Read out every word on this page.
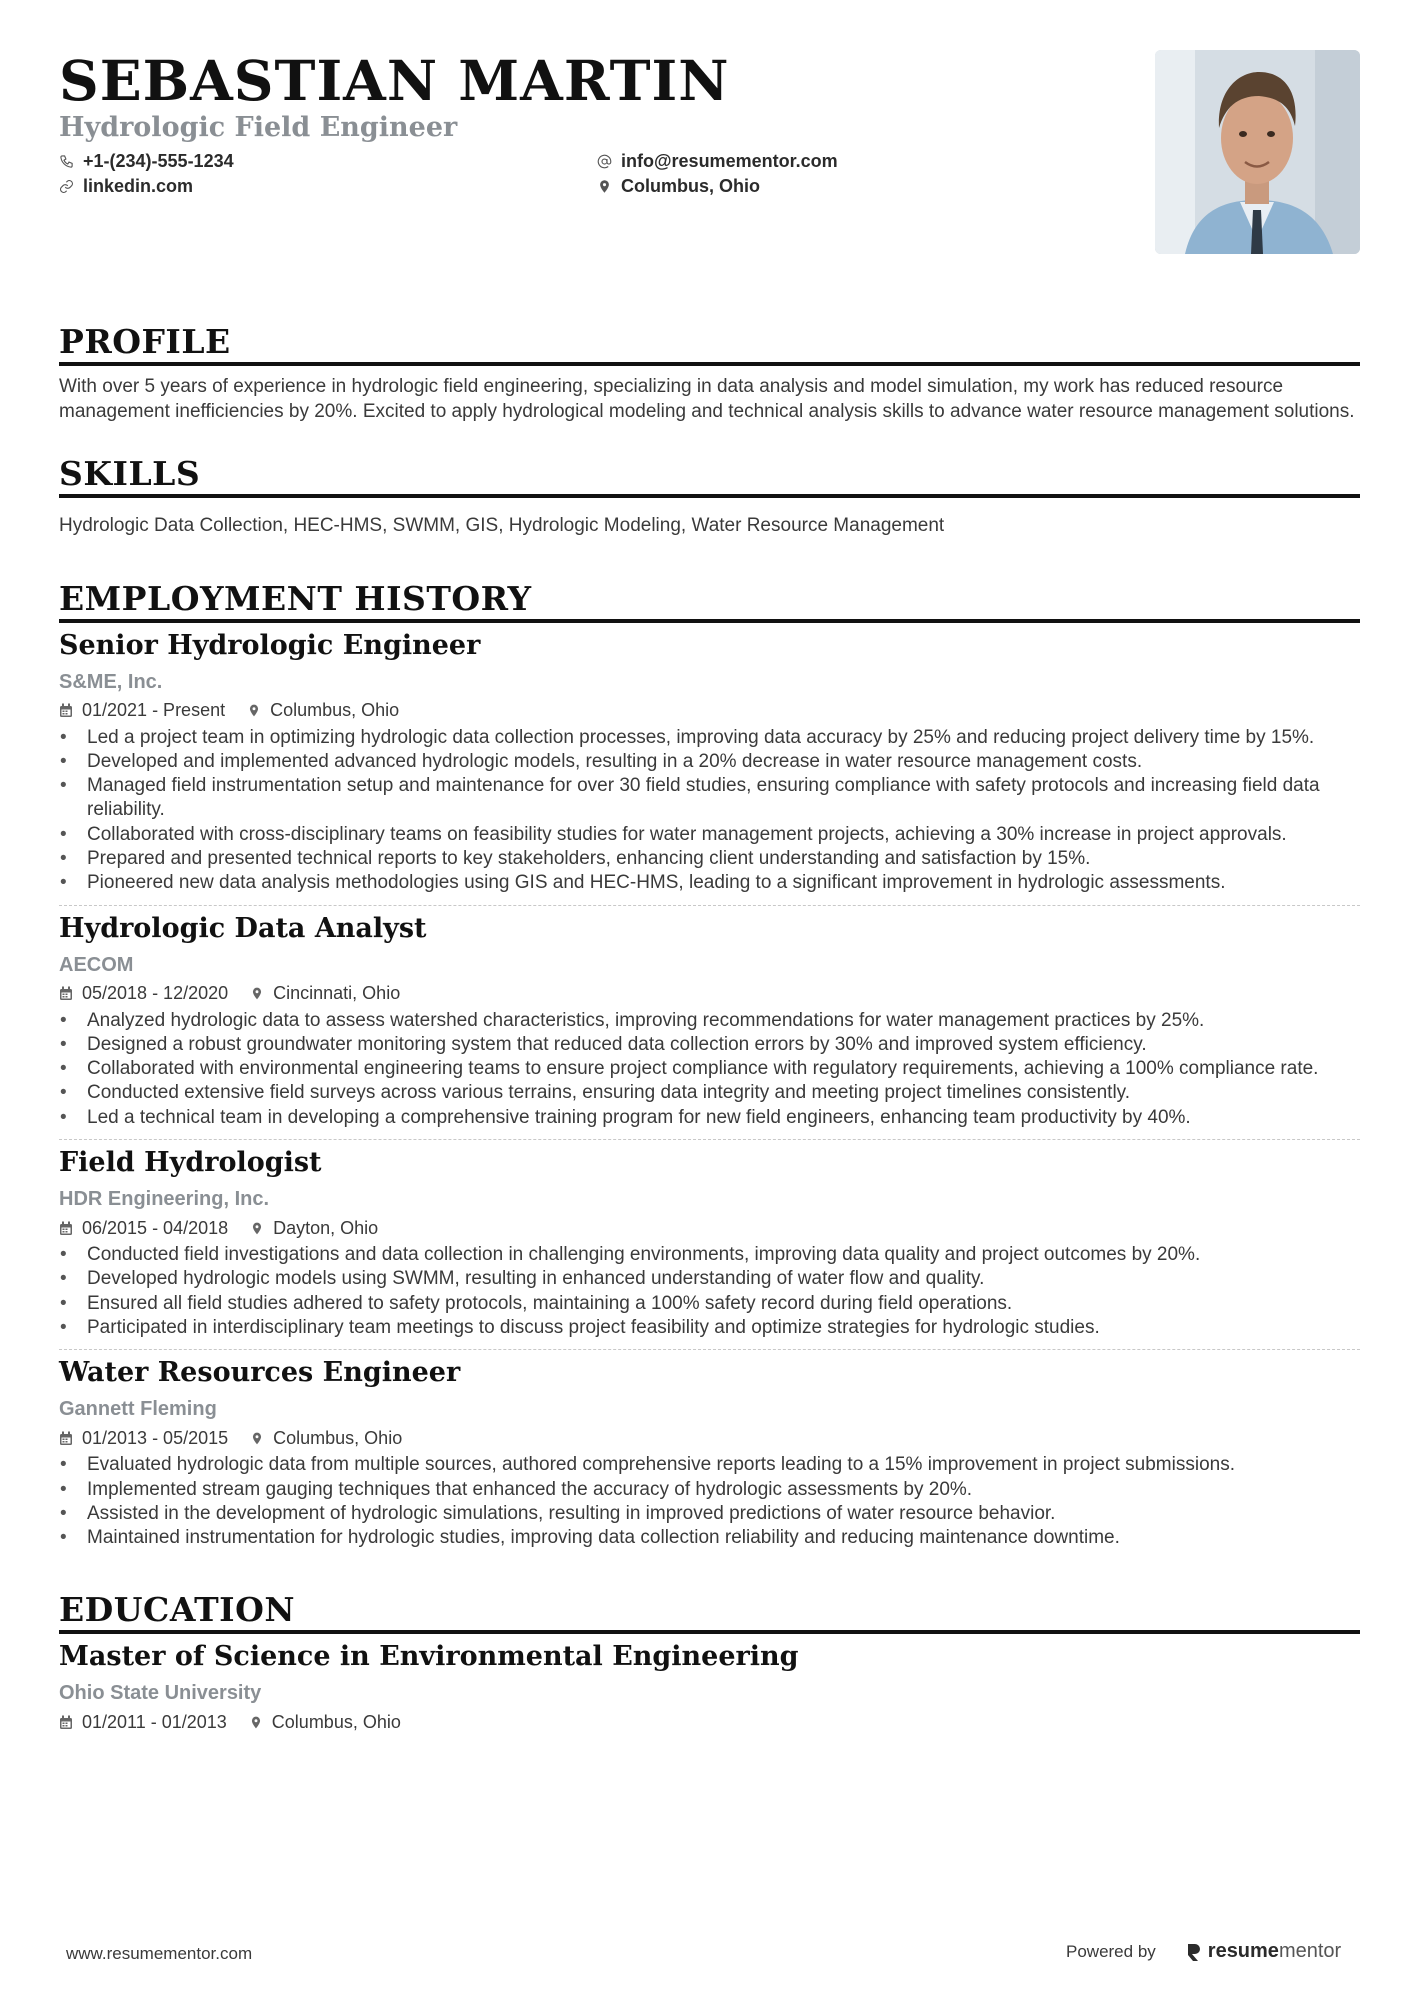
SEBASTIAN MARTIN
Hydrologic Field Engineer
+1-(234)-555-1234	info@resumementor.com
linkedin.com	Columbus, Ohio
PROFILE
With over 5 years of experience in hydrologic field engineering, specializing in data analysis and model simulation, my work has reduced resource management inefficiencies by 20%. Excited to apply hydrological modeling and technical analysis skills to advance water resource management solutions.
SKILLS
Hydrologic Data Collection, HEC-HMS, SWMM, GIS, Hydrologic Modeling, Water Resource Management
EMPLOYMENT HISTORY
Senior Hydrologic Engineer
S&ME, Inc.
01/2021 - Present	Columbus, Ohio
• Led a project team in optimizing hydrologic data collection processes, improving data accuracy by 25% and reducing project delivery time by 15%.
• Developed and implemented advanced hydrologic models, resulting in a 20% decrease in water resource management costs.
• Managed field instrumentation setup and maintenance for over 30 field studies, ensuring compliance with safety protocols and increasing field data reliability.
• Collaborated with cross-disciplinary teams on feasibility studies for water management projects, achieving a 30% increase in project approvals.
• Prepared and presented technical reports to key stakeholders, enhancing client understanding and satisfaction by 15%.
• Pioneered new data analysis methodologies using GIS and HEC-HMS, leading to a significant improvement in hydrologic assessments.
Hydrologic Data Analyst
AECOM
05/2018 - 12/2020	Cincinnati, Ohio
• Analyzed hydrologic data to assess watershed characteristics, improving recommendations for water management practices by 25%.
• Designed a robust groundwater monitoring system that reduced data collection errors by 30% and improved system efficiency.
• Collaborated with environmental engineering teams to ensure project compliance with regulatory requirements, achieving a 100% compliance rate.
• Conducted extensive field surveys across various terrains, ensuring data integrity and meeting project timelines consistently.
• Led a technical team in developing a comprehensive training program for new field engineers, enhancing team productivity by 40%.
Field Hydrologist
HDR Engineering, Inc.
06/2015 - 04/2018	Dayton, Ohio
• Conducted field investigations and data collection in challenging environments, improving data quality and project outcomes by 20%.
• Developed hydrologic models using SWMM, resulting in enhanced understanding of water flow and quality.
• Ensured all field studies adhered to safety protocols, maintaining a 100% safety record during field operations.
• Participated in interdisciplinary team meetings to discuss project feasibility and optimize strategies for hydrologic studies.
Water Resources Engineer
Gannett Fleming
01/2013 - 05/2015	Columbus, Ohio
• Evaluated hydrologic data from multiple sources, authored comprehensive reports leading to a 15% improvement in project submissions.
• Implemented stream gauging techniques that enhanced the accuracy of hydrologic assessments by 20%.
• Assisted in the development of hydrologic simulations, resulting in improved predictions of water resource behavior.
• Maintained instrumentation for hydrologic studies, improving data collection reliability and reducing maintenance downtime.
EDUCATION
Master of Science in Environmental Engineering
Ohio State University
01/2011 - 01/2013	Columbus, Ohio
www.resumementor.com	Powered by	resume mentor
